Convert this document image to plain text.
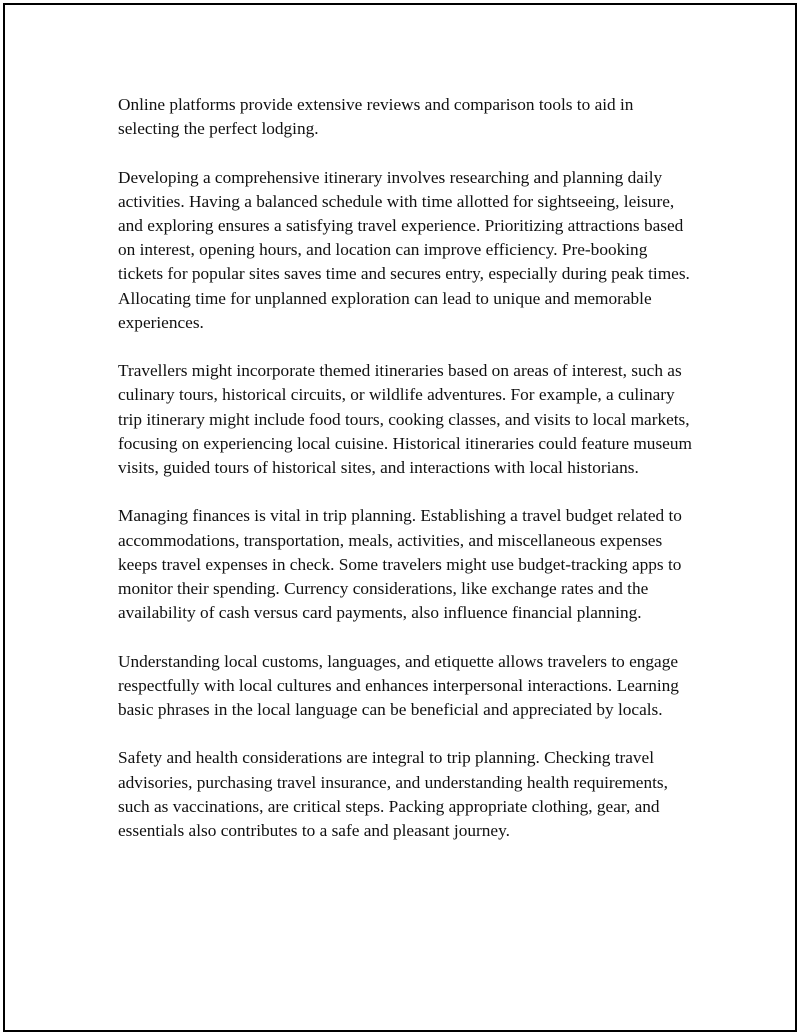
Online platforms provide extensive reviews and comparison tools to aid in selecting the perfect lodging.

Developing a comprehensive itinerary involves researching and planning daily activities. Having a balanced schedule with time allotted for sightseeing, leisure, and exploring ensures a satisfying travel experience. Prioritizing attractions based on interest, opening hours, and location can improve efficiency. Pre-booking tickets for popular sites saves time and secures entry, especially during peak times. Allocating time for unplanned exploration can lead to unique and memorable experiences.

Travellers might incorporate themed itineraries based on areas of interest, such as culinary tours, historical circuits, or wildlife adventures. For example, a culinary trip itinerary might include food tours, cooking classes, and visits to local markets, focusing on experiencing local cuisine. Historical itineraries could feature museum visits, guided tours of historical sites, and interactions with local historians.

Managing finances is vital in trip planning. Establishing a travel budget related to accommodations, transportation, meals, activities, and miscellaneous expenses keeps travel expenses in check. Some travelers might use budget-tracking apps to monitor their spending. Currency considerations, like exchange rates and the availability of cash versus card payments, also influence financial planning.

Understanding local customs, languages, and etiquette allows travelers to engage respectfully with local cultures and enhances interpersonal interactions. Learning basic phrases in the local language can be beneficial and appreciated by locals.

Safety and health considerations are integral to trip planning. Checking travel advisories, purchasing travel insurance, and understanding health requirements, such as vaccinations, are critical steps. Packing appropriate clothing, gear, and essentials also contributes to a safe and pleasant journey.
